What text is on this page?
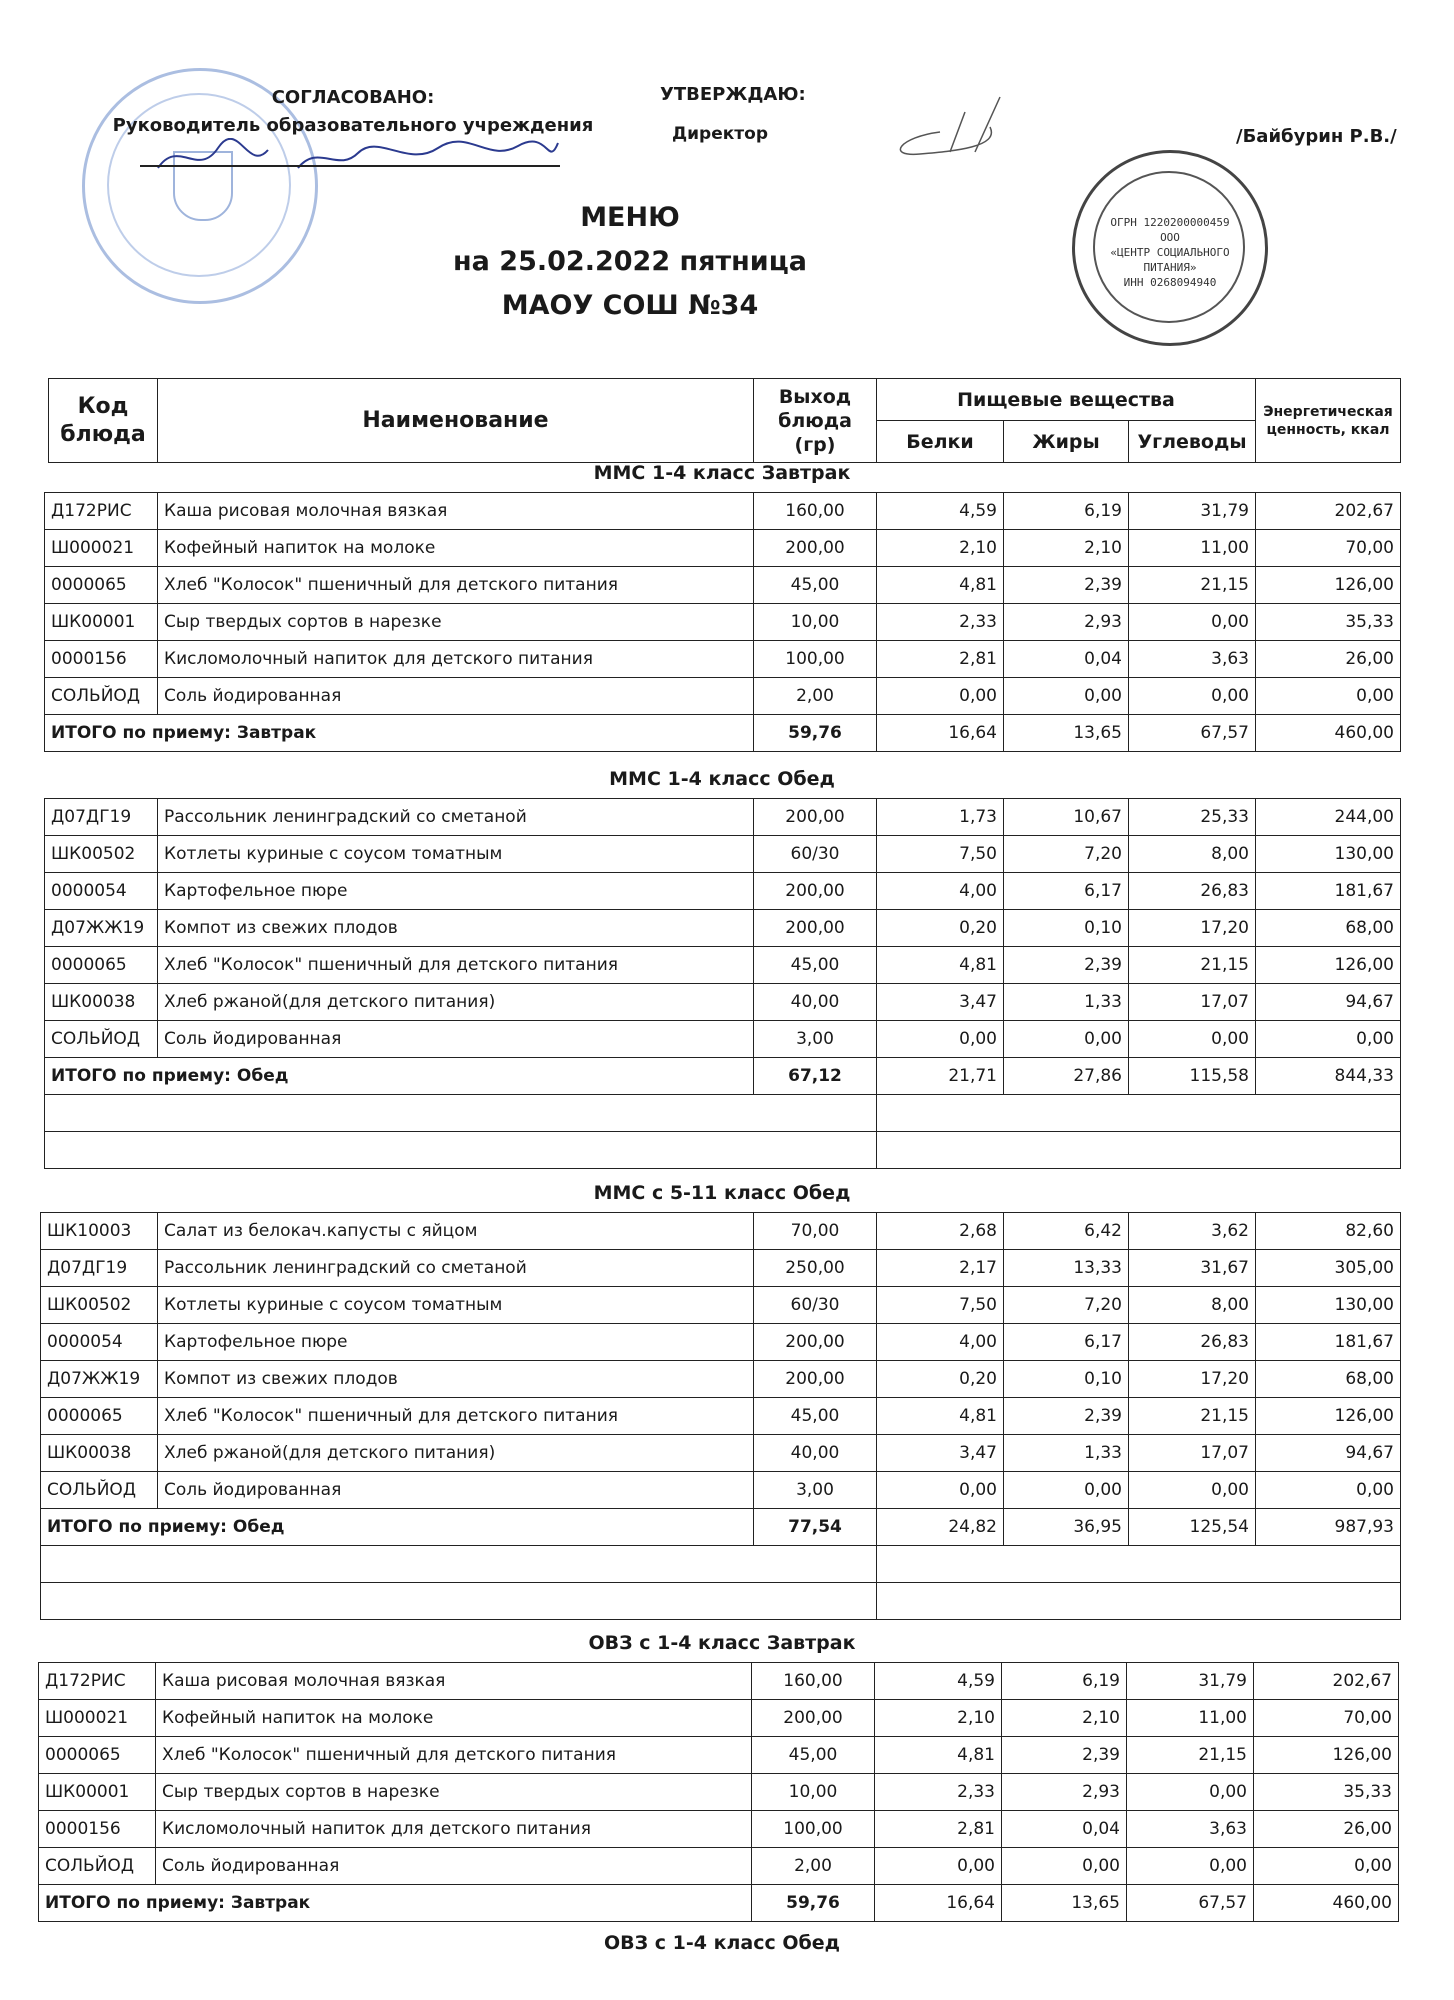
ОГРН 1220200000459
ООО
«ЦЕНТР СОЦИАЛЬНОГО
ПИТАНИЯ»
ИНН 0268094940
СОГЛАСОВАНО:
Руководитель образовательного учреждения
УТВЕРЖДАЮ:
Директор	/Байбурин Р.В./
МЕНЮ
на 25.02.2022 пятница
МАОУ СОШ №34
Код блюда	Наименование	Выход блюда (гр)	Пищевые вещества			Энергетическая ценность, ккал
			Белки	Жиры	Углеводы	
ММС 1-4 класс Завтрак
Д172РИС	Каша рисовая молочная вязкая	160,00	4,59	6,19	31,79	202,67
Ш000021	Кофейный напиток на молоке	200,00	2,10	2,10	11,00	70,00
0000065	Хлеб "Колосок" пшеничный для детского питания	45,00	4,81	2,39	21,15	126,00
ШК00001	Сыр твердых сортов в нарезке	10,00	2,33	2,93	0,00	35,33
0000156	Кисломолочный напиток для детского питания	100,00	2,81	0,04	3,63	26,00
СОЛЬЙОД	Соль йодированная	2,00	0,00	0,00	0,00	0,00
ИТОГО по приему: Завтрак		59,76	16,64	13,65	67,57	460,00
ММС 1-4 класс Обед
Д07ДГ19	Рассольник ленинградский со сметаной	200,00	1,73	10,67	25,33	244,00
ШК00502	Котлеты куриные с соусом томатным	60/30	7,50	7,20	8,00	130,00
0000054	Картофельное пюре	200,00	4,00	6,17	26,83	181,67
Д07ЖЖ19	Компот из свежих плодов	200,00	0,20	0,10	17,20	68,00
0000065	Хлеб "Колосок" пшеничный для детского питания	45,00	4,81	2,39	21,15	126,00
ШК00038	Хлеб ржаной(для детского питания)	40,00	3,47	1,33	17,07	94,67
СОЛЬЙОД	Соль йодированная	3,00	0,00	0,00	0,00	0,00
ИТОГО по приему: Обед		67,12	21,71	27,86	115,58	844,33

ММС с 5-11 класс Обед
ШК10003	Салат из белокач.капусты с яйцом	70,00	2,68	6,42	3,62	82,60
Д07ДГ19	Рассольник ленинградский со сметаной	250,00	2,17	13,33	31,67	305,00
ШК00502	Котлеты куриные с соусом томатным	60/30	7,50	7,20	8,00	130,00
0000054	Картофельное пюре	200,00	4,00	6,17	26,83	181,67
Д07ЖЖ19	Компот из свежих плодов	200,00	0,20	0,10	17,20	68,00
0000065	Хлеб "Колосок" пшеничный для детского питания	45,00	4,81	2,39	21,15	126,00
ШК00038	Хлеб ржаной(для детского питания)	40,00	3,47	1,33	17,07	94,67
СОЛЬЙОД	Соль йодированная	3,00	0,00	0,00	0,00	0,00
ИТОГО по приему: Обед		77,54	24,82	36,95	125,54	987,93

ОВЗ с 1-4 класс Завтрак
Д172РИС	Каша рисовая молочная вязкая	160,00	4,59	6,19	31,79	202,67
Ш000021	Кофейный напиток на молоке	200,00	2,10	2,10	11,00	70,00
0000065	Хлеб "Колосок" пшеничный для детского питания	45,00	4,81	2,39	21,15	126,00
ШК00001	Сыр твердых сортов в нарезке	10,00	2,33	2,93	0,00	35,33
0000156	Кисломолочный напиток для детского питания	100,00	2,81	0,04	3,63	26,00
СОЛЬЙОД	Соль йодированная	2,00	0,00	0,00	0,00	0,00
ИТОГО по приему: Завтрак		59,76	16,64	13,65	67,57	460,00
ОВЗ с 1-4 класс Обед
